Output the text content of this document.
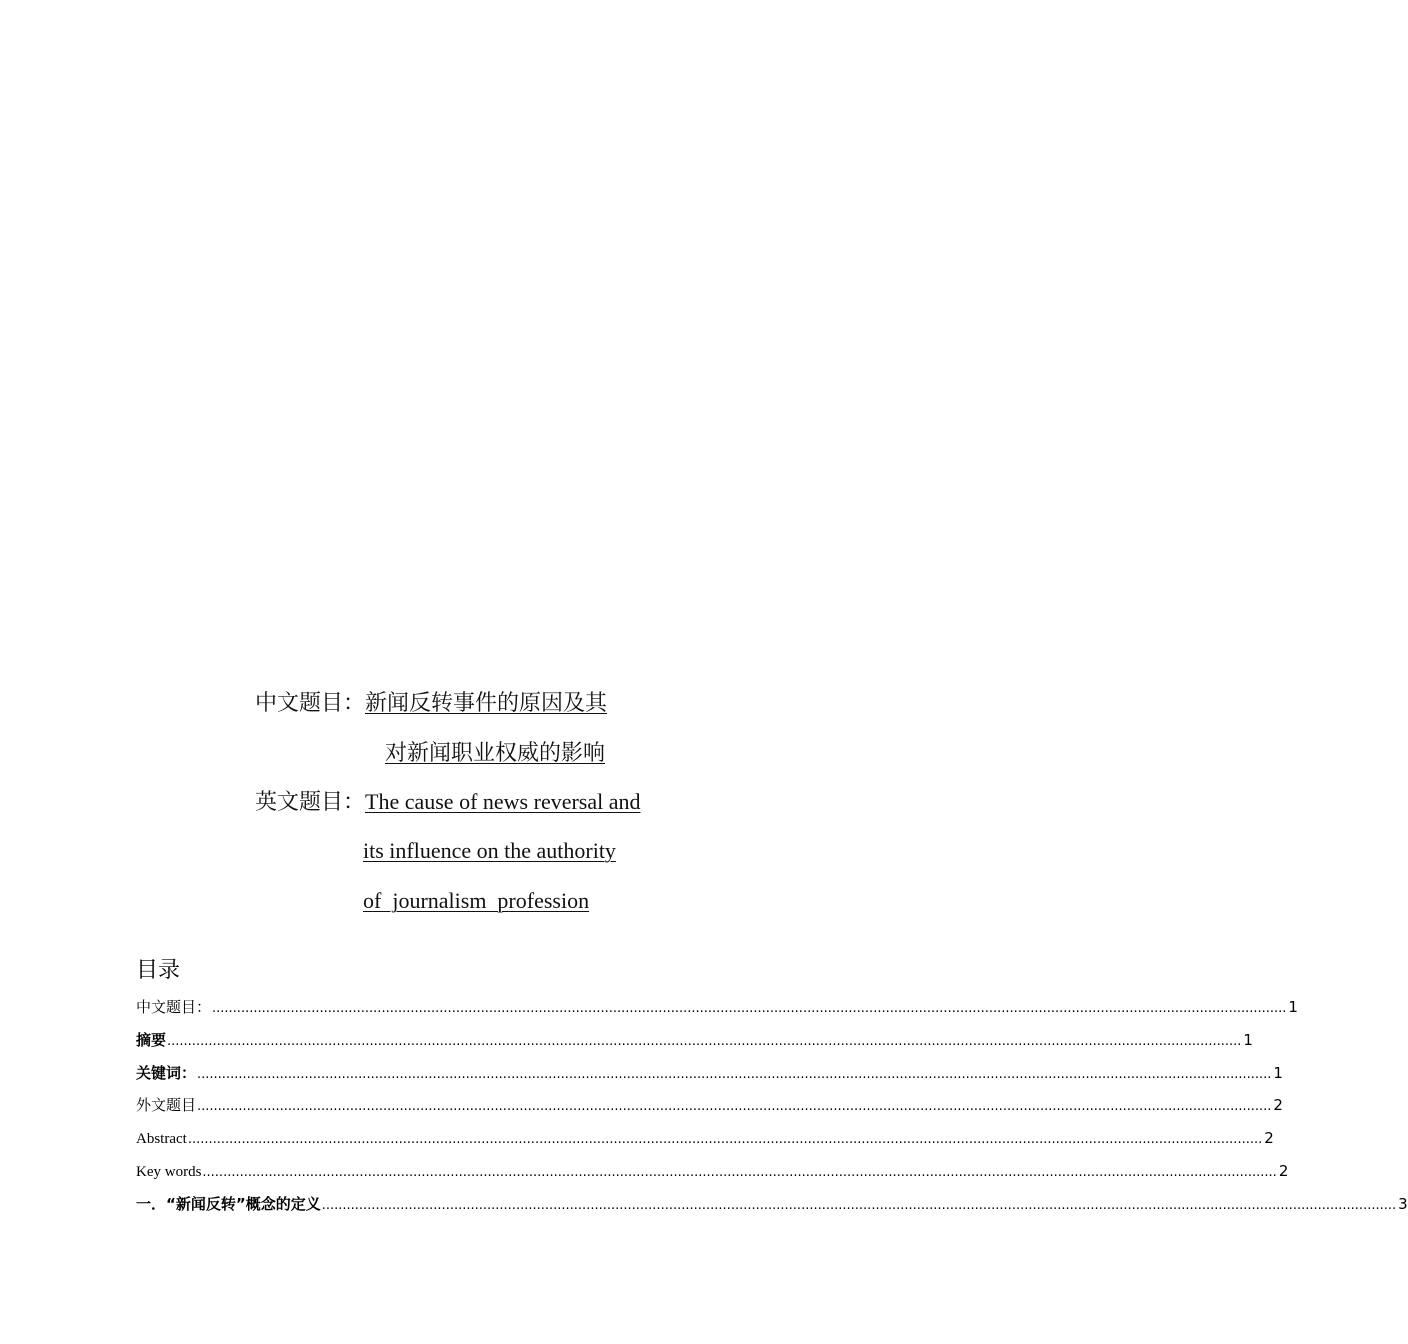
中文题目：新闻反转事件的原因及其
对新闻职业权威的影响
英文题目：The cause of news reversal and
its influence on the authority
of  journalism  profession
目录
中文题目： .................................................................................................................................................................................................................................................................... 1
摘要 .................................................................................................................................................................................................................................................................... 1
关键词： .................................................................................................................................................................................................................................................................... 1
外文题目 .................................................................................................................................................................................................................................................................... 2
Abstract .................................................................................................................................................................................................................................................................... 2
Key words .................................................................................................................................................................................................................................................................... 2
一．“新闻反转”概念的定义 .................................................................................................................................................................................................................................................................... 3
